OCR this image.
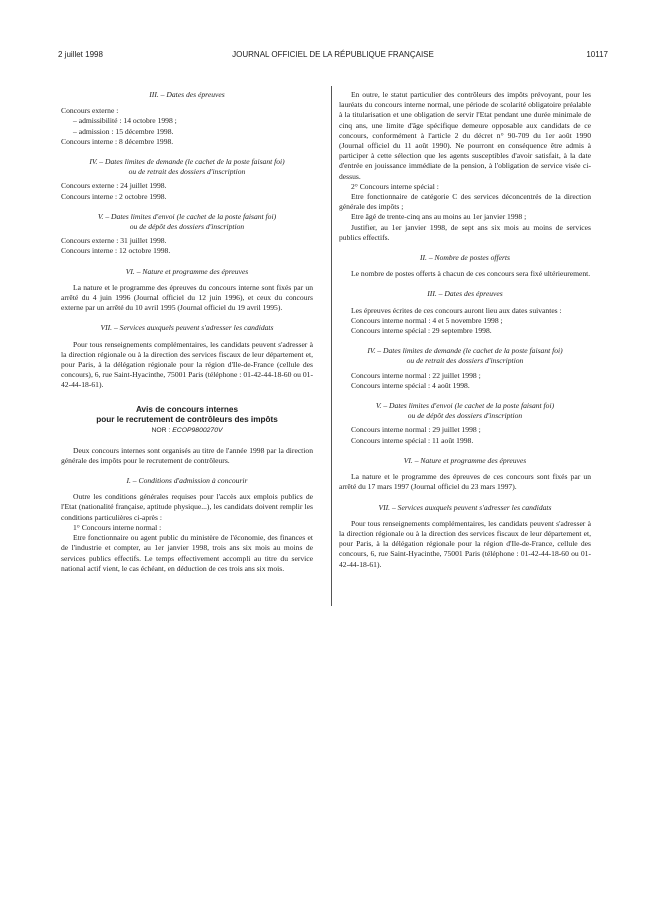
2 juillet 1998	JOURNAL OFFICIEL DE LA RÉPUBLIQUE FRANÇAISE	10117

III. – Dates des épreuves

Concours externe :

– admissibilité : 14 octobre 1998 ;

– admission : 15 décembre 1998.

Concours interne : 8 décembre 1998.

IV. – Dates limites de demande (le cachet de la poste faisant foi)

ou de retrait des dossiers d'inscription

Concours externe : 24 juillet 1998.

Concours interne : 2 octobre 1998.

V. – Dates limites d'envoi (le cachet de la poste faisant foi)

ou de dépôt des dossiers d'inscription

Concours externe : 31 juillet 1998.

Concours interne : 12 octobre 1998.

VI. – Nature et programme des épreuves

La nature et le programme des épreuves du concours interne sont fixés par un arrêté du 4 juin 1996 (Journal officiel du 12 juin 1996), et ceux du concours externe par un arrêté du 10 avril 1995 (Journal officiel du 19 avril 1995).

VII. – Services auxquels peuvent s'adresser les candidats

Pour tous renseignements complémentaires, les candidats peuvent s'adresser à la direction régionale ou à la direction des services fiscaux de leur département et, pour Paris, à la délégation régionale pour la région d'Ile-de-France (cellule des concours), 6, rue Saint-Hyacinthe, 75001 Paris (téléphone : 01-42-44-18-60 ou 01-42-44-18-61).

Avis de concours internes

pour le recrutement de contrôleurs des impôts

NOR : ECOP9800270V

Deux concours internes sont organisés au titre de l'année 1998 par la direction générale des impôts pour le recrutement de contrôleurs.

I. – Conditions d'admission à concourir

Outre les conditions générales requises pour l'accès aux emplois publics de l'Etat (nationalité française, aptitude physique...), les candidats doivent remplir les conditions particulières ci-après :

1° Concours interne normal :

Etre fonctionnaire ou agent public du ministère de l'économie, des finances et de l'industrie et compter, au 1er janvier 1998, trois ans six mois au moins de services publics effectifs. Le temps effectivement accompli au titre du service national actif vient, le cas échéant, en déduction de ces trois ans six mois.

En outre, le statut particulier des contrôleurs des impôts prévoyant, pour les lauréats du concours interne normal, une période de scolarité obligatoire préalable à la titularisation et une obligation de servir l'Etat pendant une durée minimale de cinq ans, une limite d'âge spécifique demeure opposable aux candidats de ce concours, conformément à l'article 2 du décret n° 90-709 du 1er août 1990 (Journal officiel du 11 août 1990). Ne pourront en conséquence être admis à participer à cette sélection que les agents susceptibles d'avoir satisfait, à la date d'entrée en jouissance immédiate de la pension, à l'obligation de service visée ci-dessus.

2° Concours interne spécial :

Etre fonctionnaire de catégorie C des services déconcentrés de la direction générale des impôts ;

Etre âgé de trente-cinq ans au moins au 1er janvier 1998 ;

Justifier, au 1er janvier 1998, de sept ans six mois au moins de services publics effectifs.

II. – Nombre de postes offerts

Le nombre de postes offerts à chacun de ces concours sera fixé ultérieurement.

III. – Dates des épreuves

Les épreuves écrites de ces concours auront lieu aux dates suivantes :

Concours interne normal : 4 et 5 novembre 1998 ;

Concours interne spécial : 29 septembre 1998.

IV. – Dates limites de demande (le cachet de la poste faisant foi)

ou de retrait des dossiers d'inscription

Concours interne normal : 22 juillet 1998 ;

Concours interne spécial : 4 août 1998.

V. – Dates limites d'envoi (le cachet de la poste faisant foi)

ou de dépôt des dossiers d'inscription

Concours interne normal : 29 juillet 1998 ;

Concours interne spécial : 11 août 1998.

VI. – Nature et programme des épreuves

La nature et le programme des épreuves de ces concours sont fixés par un arrêté du 17 mars 1997 (Journal officiel du 23 mars 1997).

VII. – Services auxquels peuvent s'adresser les candidats

Pour tous renseignements complémentaires, les candidats peuvent s'adresser à la direction régionale ou à la direction des services fiscaux de leur département et, pour Paris, à la délégation régionale pour la région d'Ile-de-France, cellule des concours, 6, rue Saint-Hyacinthe, 75001 Paris (téléphone : 01-42-44-18-60 ou 01-42-44-18-61).
